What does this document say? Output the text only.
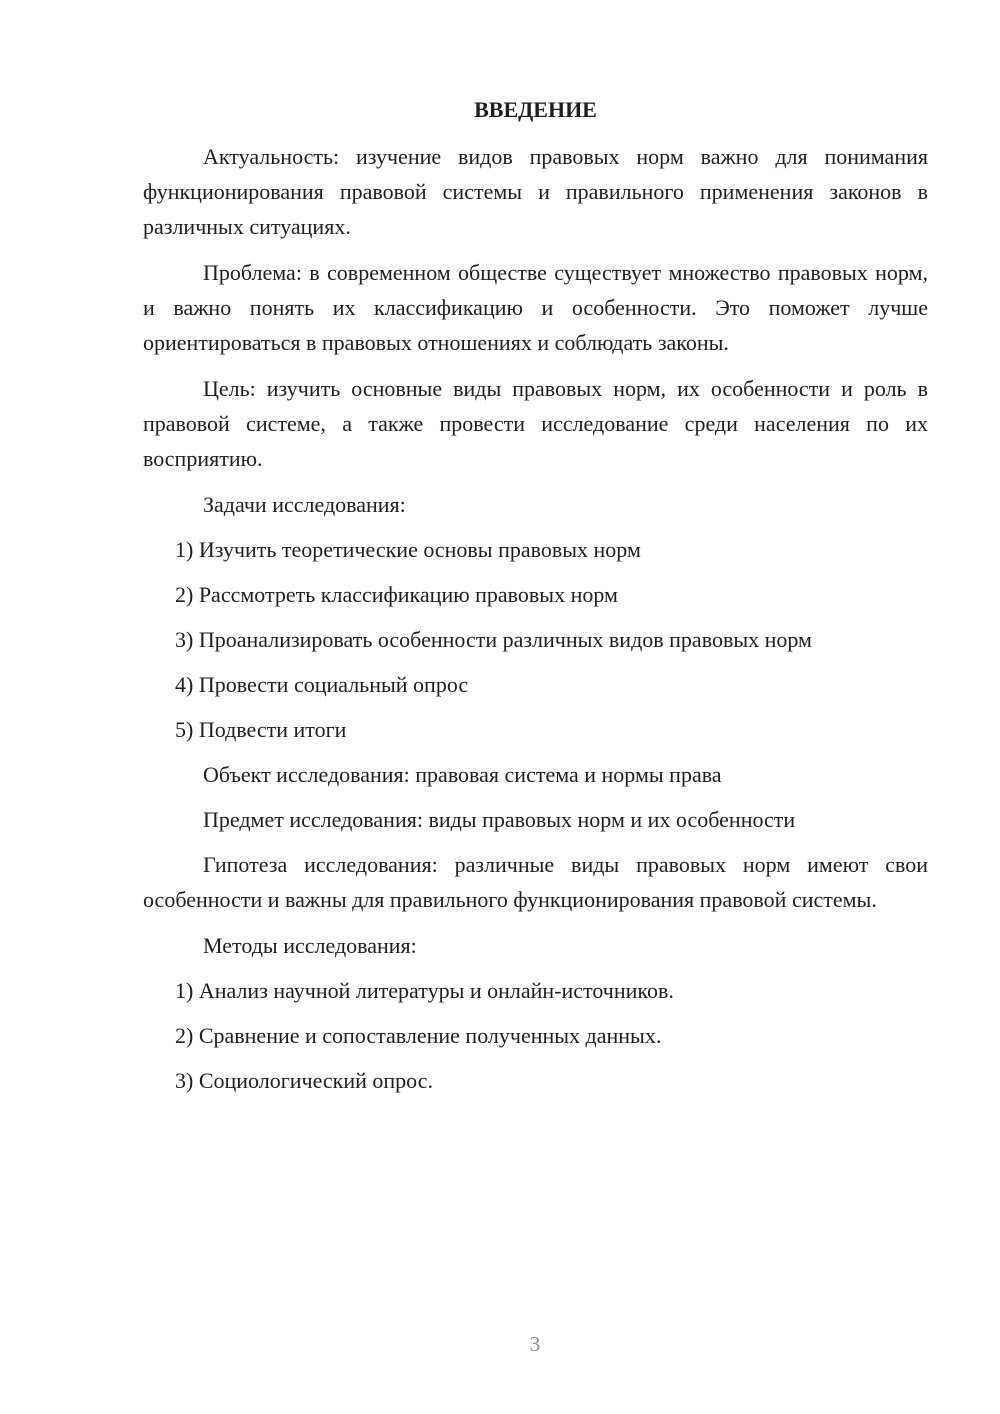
ВВЕДЕНИЕ

Актуальность: изучение видов правовых норм важно для понимания функционирования правовой системы и правильного применения законов в различных ситуациях.

Проблема: в современном обществе существует множество правовых норм, и важно понять их классификацию и особенности. Это поможет лучше ориентироваться в правовых отношениях и соблюдать законы.

Цель: изучить основные виды правовых норм, их особенности и роль в правовой системе, а также провести исследование среди населения по их восприятию.

Задачи исследования:

1) Изучить теоретические основы правовых норм

2) Рассмотреть классификацию правовых норм

3) Проанализировать особенности различных видов правовых норм

4) Провести социальный опрос

5) Подвести итоги

Объект исследования: правовая система и нормы права

Предмет исследования: виды правовых норм и их особенности

Гипотеза исследования: различные виды правовых норм имеют свои особенности и важны для правильного функционирования правовой системы.

Методы исследования:

1) Анализ научной литературы и онлайн-источников.

2) Сравнение и сопоставление полученных данных.

3) Социологический опрос.

3
